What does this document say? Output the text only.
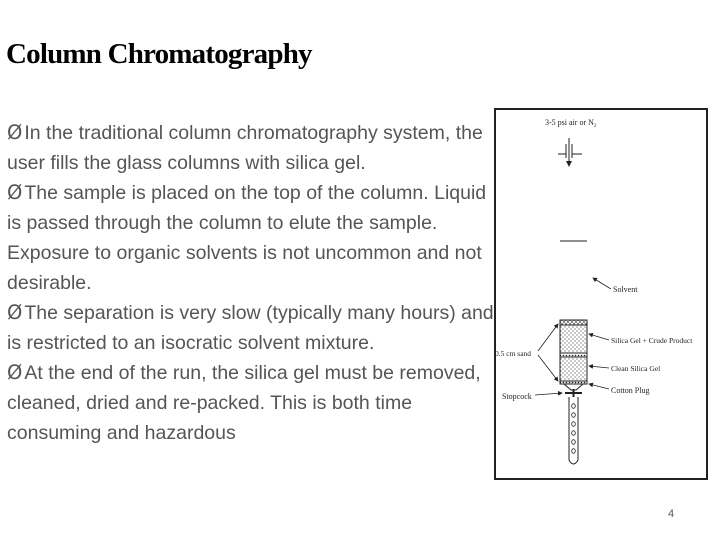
Column Chromatography

Ø In the traditional column chromatography system, the user fills the glass columns with silica gel.

Ø The sample is placed on the top of the column. Liquid is passed through the column to elute the sample. Exposure to organic solvents is not uncommon and not desirable.

Ø The separation is very slow (typically many hours) and is restricted to an isocratic solvent mixture.

Ø At the end of the run, the silica gel must be removed, cleaned, dried and re-packed. This is both time consuming and hazardous

3-5 psi air or $N_2$
Solvent
Silica Gel + Crude Product
Clean Silica Gel
Cotton Plug
0.5 cm sand
Stopcock
4
